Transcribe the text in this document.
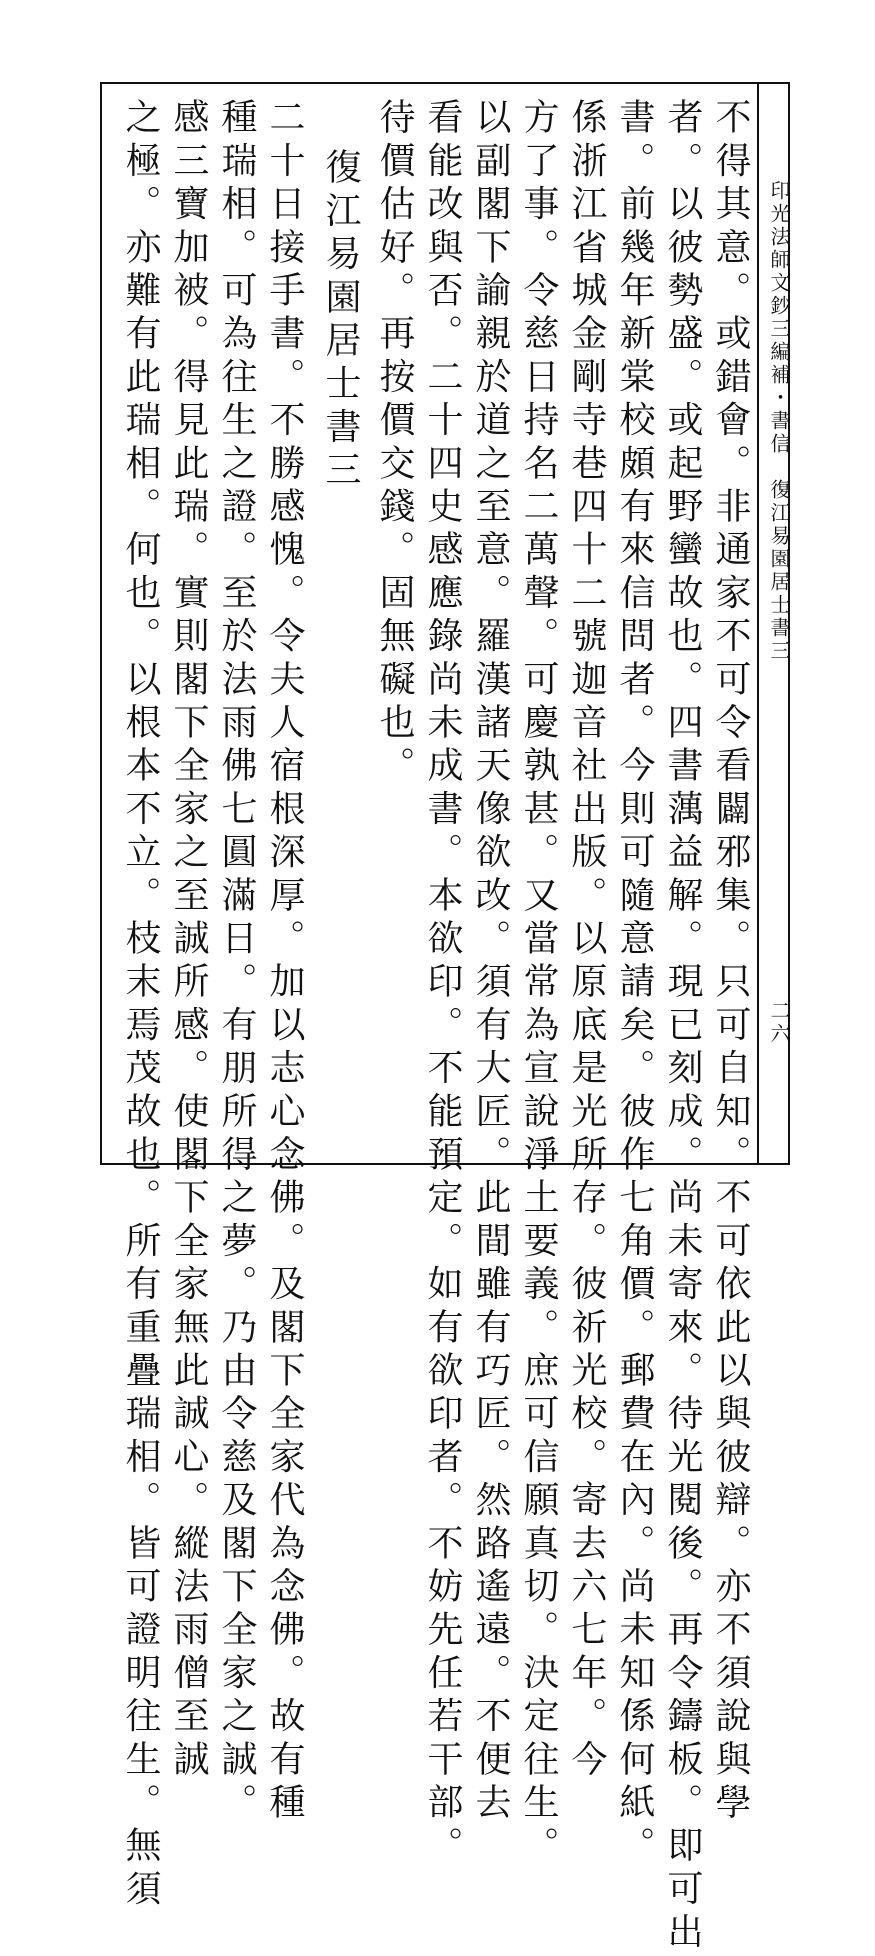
印光法師文鈔三編補・書信　復江易園居士書三
二六
不得其意。或錯會。非通家不可令看闢邪集。只可自知。不可依此以與彼辯。亦不須說與學
者。以彼勢盛。或起野蠻故也。四書蕅益解。現已刻成。尚未寄來。待光閱後。再令鑄板。即可出
書。前幾年新棠校頗有來信問者。今則可隨意請矣。彼作七角價。郵費在內。尚未知係何紙。
係浙江省城金剛寺巷四十二號迦音社出版。以原底是光所存。彼祈光校。寄去六七年。今
方了事。令慈日持名二萬聲。可慶孰甚。又當常為宣說淨土要義。庶可信願真切。決定往生。
以副閣下諭親於道之至意。羅漢諸天像欲改。須有大匠。此間雖有巧匠。然路遙遠。不便去
看能改與否。二十四史感應錄尚未成書。本欲印。不能預定。如有欲印者。不妨先任若干部。
待價估好。再按價交錢。固無礙也。
復江易園居士書三
二十日接手書。不勝感愧。令夫人宿根深厚。加以志心念佛。及閣下全家代為念佛。故有種
種瑞相。可為往生之證。至於法雨佛七圓滿日。有朋所得之夢。乃由令慈及閣下全家之誠。
感三寶加被。得見此瑞。實則閣下全家之至誠所感。使閣下全家無此誠心。縱法雨僧至誠
之極。亦難有此瑞相。何也。以根本不立。枝末焉茂故也。所有重疊瑞相。皆可證明往生。無須
